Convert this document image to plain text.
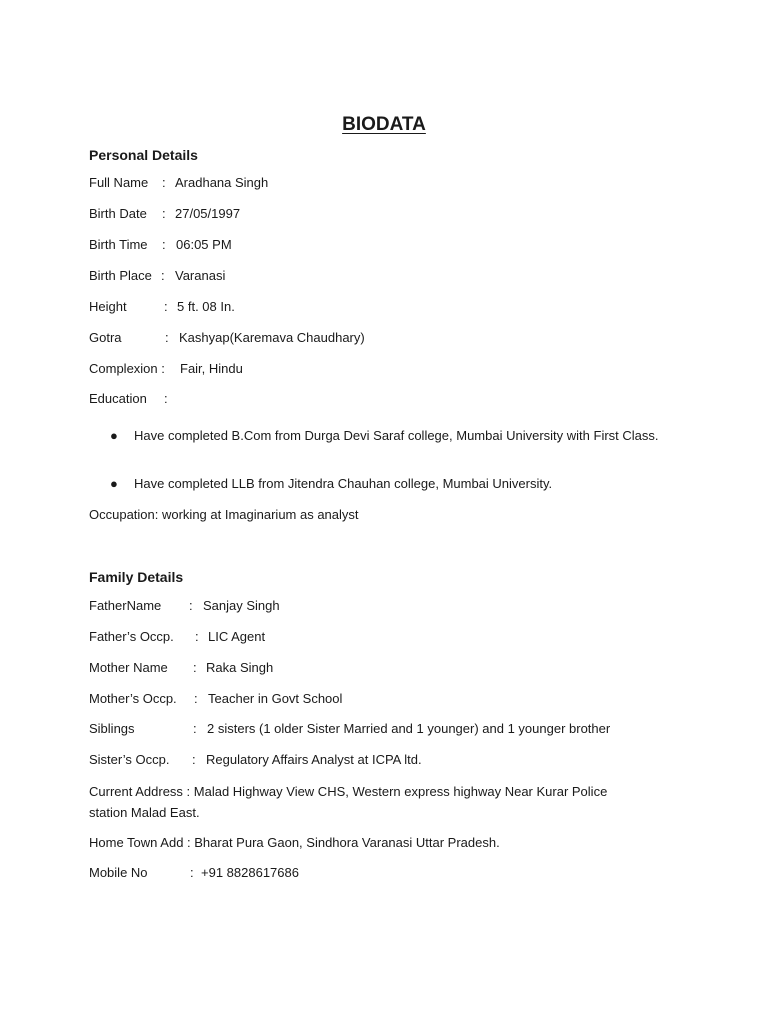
BIODATA
Personal Details
Full Name : Aradhana Singh
Birth Date : 27/05/1997
Birth Time : 06:05 PM
Birth Place : Varanasi
Height	: 5 ft. 08 In.
Gotra	: Kashyap(Karemava Chaudhary)
Complexion : Fair, Hindu
Education :
● Have completed B.Com from Durga Devi Saraf college, Mumbai University with First Class.
● Have completed LLB from Jitendra Chauhan college, Mumbai University.
Occupation: working at Imaginarium as analyst
Family Details
FatherName : Sanjay Singh
Father’s Occp. : LIC Agent
Mother Name : Raka Singh
Mother’s Occp. : Teacher in Govt School
Siblings	: 2 sisters (1 older Sister Married and 1 younger) and 1 younger brother
Sister’s Occp. : Regulatory Affairs Analyst at ICPA ltd.
Current Address : Malad Highway View CHS, Western express highway Near Kurar Police station Malad East.
Home Town Add : Bharat Pura Gaon, Sindhora Varanasi Uttar Pradesh.
Mobile No	: +91 8828617686
